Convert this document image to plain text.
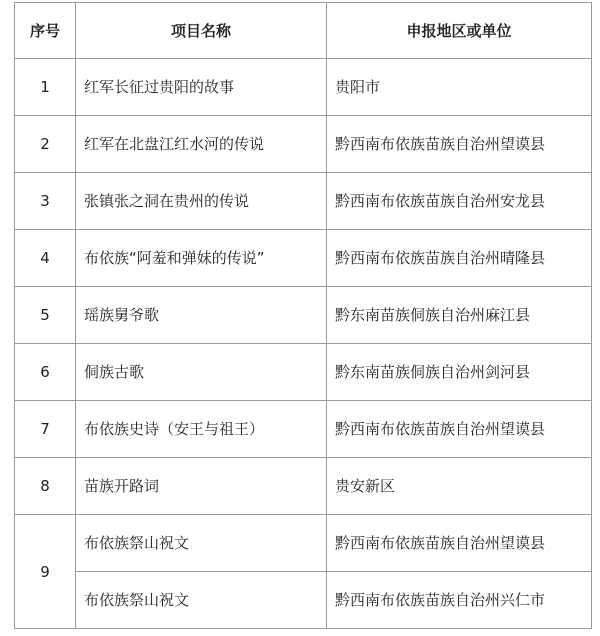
序号	项目名称	申报地区或单位
1	红军长征过贵阳的故事	贵阳市
2	红军在北盘江红水河的传说	黔西南布依族苗族自治州望谟县
3	张镇张之洞在贵州的传说	黔西南布依族苗族自治州安龙县
4	布依族“阿羞和弹妹的传说”	黔西南布依族苗族自治州晴隆县
5	瑶族舅爷歌	黔东南苗族侗族自治州麻江县
6	侗族古歌	黔东南苗族侗族自治州剑河县
7	布依族史诗（安王与祖王）	黔西南布依族苗族自治州望谟县
8	苗族开路词	贵安新区
9	布依族祭山祝文	黔西南布依族苗族自治州望谟县
	布依族祭山祝文	黔西南布依族苗族自治州兴仁市
